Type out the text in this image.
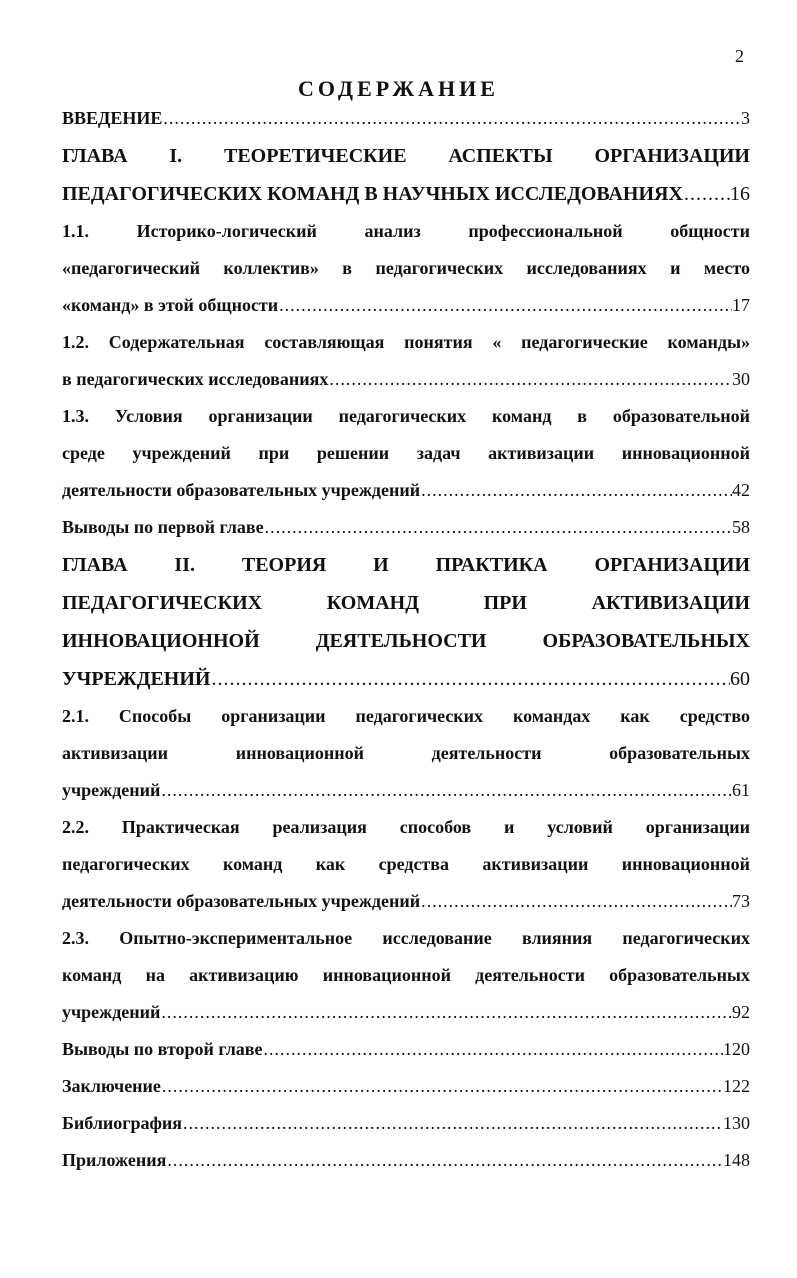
2
СОДЕРЖАНИЕ
ВВЕДЕНИЕ .....	3
ГЛАВА I. ТЕОРЕТИЧЕСКИЕ АСПЕКТЫ ОРГАНИЗАЦИИ
ПЕДАГОГИЧЕСКИХ КОМАНД В НАУЧНЫХ ИССЛЕДОВАНИЯХ ..... 16
1.1. Историко-логический анализ профессиональной общности
«педагогический коллектив» в педагогических исследованиях и место
«команд» в этой общности .....	17
1.2. Содержательная составляющая понятия « педагогические команды»
в педагогических исследованиях .....	30
1.3. Условия организации педагогических команд в образовательной
среде учреждений при решении задач активизации инновационной
деятельности образовательных учреждений .....	42
Выводы по первой главе .....	58
ГЛАВА II. ТЕОРИЯ И ПРАКТИКА ОРГАНИЗАЦИИ
ПЕДАГОГИЧЕСКИХ КОМАНД ПРИ АКТИВИЗАЦИИ
ИННОВАЦИОННОЙ ДЕЯТЕЛЬНОСТИ ОБРАЗОВАТЕЛЬНЫХ
УЧРЕЖДЕНИЙ .....	60
2.1. Способы организации педагогических командах как средство
активизации инновационной деятельности образовательных
учреждений .....	61
2.2. Практическая реализация способов и условий организации
педагогических команд как средства активизации инновационной
деятельности образовательных учреждений .....	73
2.3. Опытно-экспериментальное исследование влияния педагогических
команд на активизацию инновационной деятельности образовательных
учреждений .....	92
Выводы по второй главе .....	120
Заключение .....	122
Библиография .....	130
Приложения .....	148
